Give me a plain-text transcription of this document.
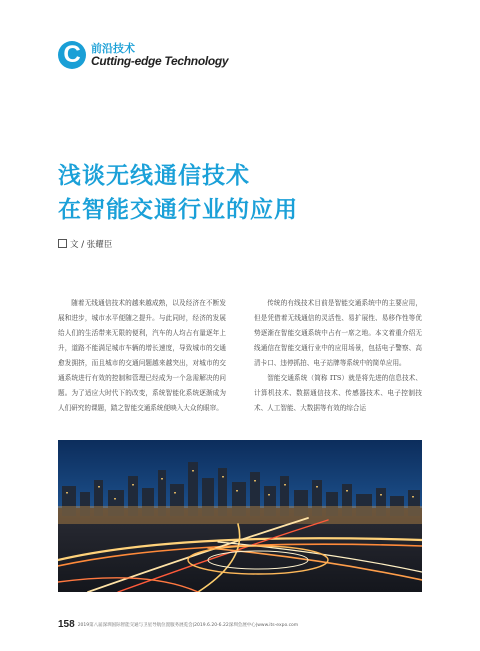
C 前沿技术
Cutting-edge Technology
浅谈无线通信技术
在智能交通行业的应用
文 / 张耀臣

随着无线通信技术的越来越成熟，以及经济在不断发展和进步，城市水平便随之提升。与此同时，经济的发展给人们的生活带来无限的便利，汽车的人均占有量逐年上升，道路不能满足城市车辆的增长速度，导致城市的交通愈发拥挤，而且城市的交通问题越来越突出，对城市的交通系统进行有效的控制和管理已经成为一个急需解决的问题。为了适应大时代下的改变，系统智能化系统逐渐成为人们研究的课题，踏之智能交通系统便映入大众的眼帘。

传统的有线技术目前是智能交通系统中的主要应用，但是凭借着无线通信的灵活性、易扩展性、易移作性等优势逐渐在智能交通系统中占有一席之地。本文着重介绍无线通信在智能交通行业中的应用场景，包括电子警察、高清卡口、违停抓拍、电子站牌等系统中的简单应用。

智能交通系统（简称 ITS）就是将先进的信息技术、计算机技术、数据通信技术、传感器技术、电子控制技术、人工智能、大数据等有效的综合运

158 2019第八届深圳国际智能交通与卫星导航位置服务展览会|2019.6.20-6.22深圳会展中心|www.its-expo.com
